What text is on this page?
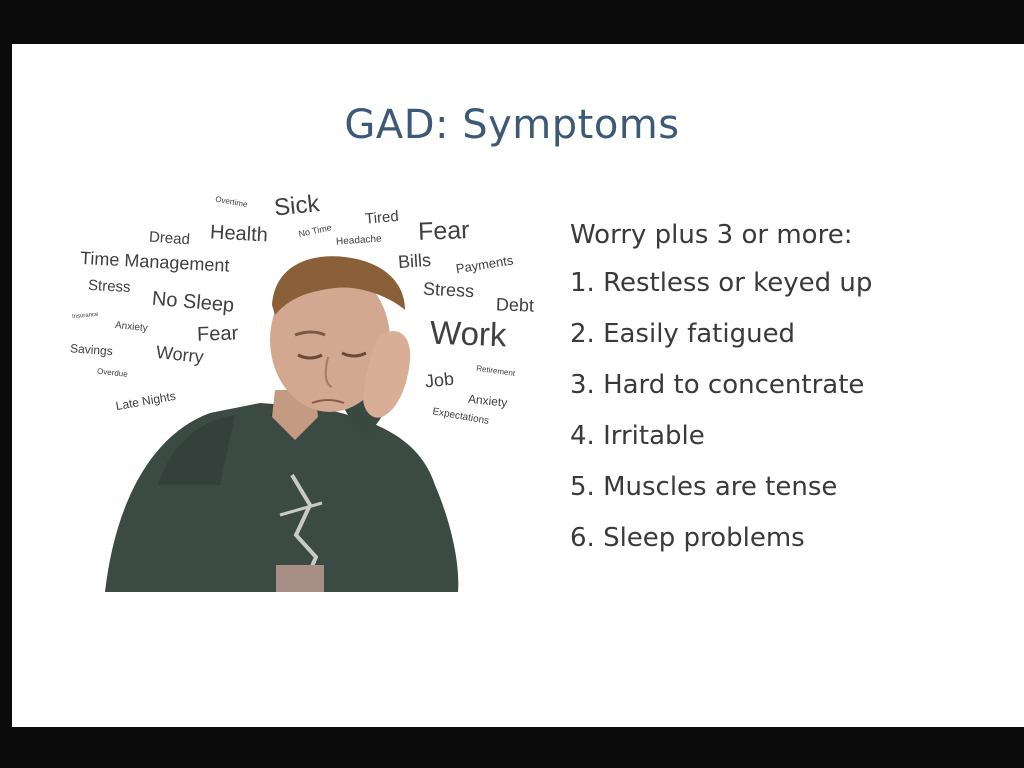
GAD: Symptoms
Overtime Sick
Dread Health	No Time
Tired
Headache Fear
Time Management	Bills Payments
Stress
No Sleep	Stress
Debt
Insurance
Anxiety Fear	Work
Savings Worry
Job	Retirement
Overdue
Late Nights	Anxiety
Expectations
Worry plus 3 or more:
1. Restless or keyed up
2. Easily fatigued
3. Hard to concentrate
4. Irritable
5. Muscles are tense
6. Sleep problems
